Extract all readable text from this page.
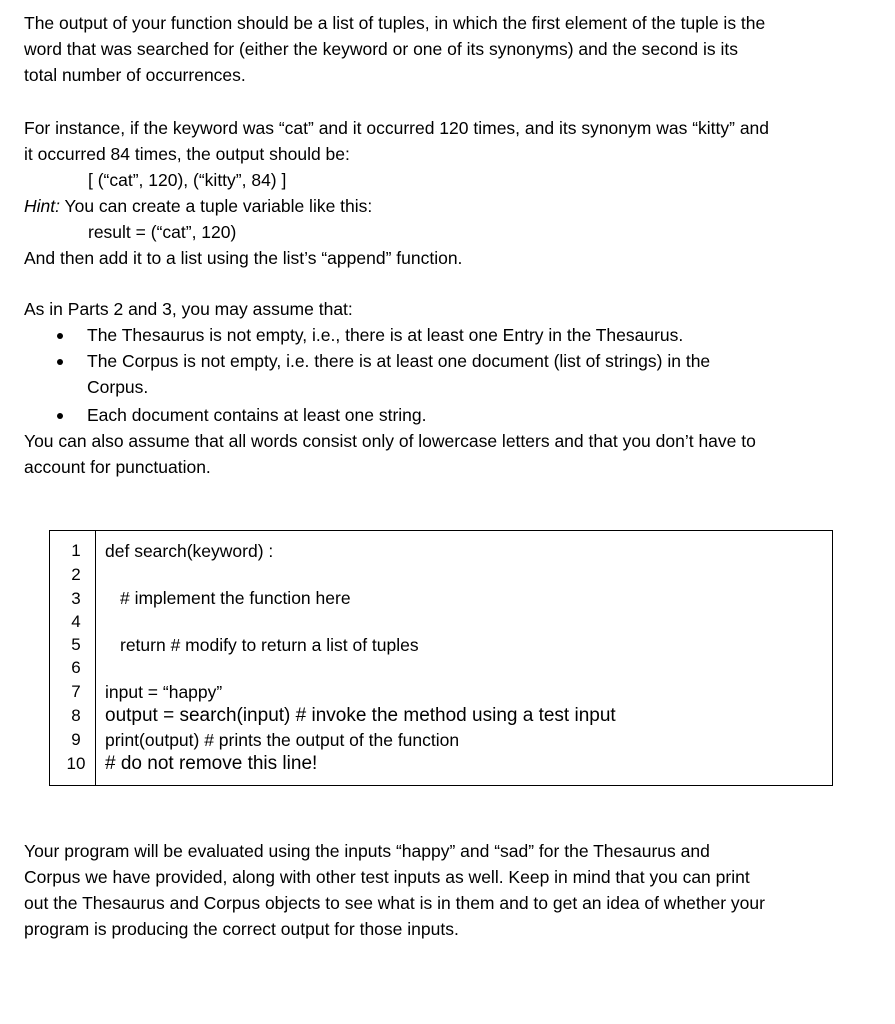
The output of your function should be a list of tuples, in which the first element of the tuple is the

word that was searched for (either the keyword or one of its synonyms) and the second is its

total number of occurrences.

For instance, if the keyword was “cat” and it occurred 120 times, and its synonym was “kitty” and

it occurred 84 times, the output should be:

[ (“cat”, 120), (“kitty”, 84) ]

Hint: You can create a tuple variable like this:

result = (“cat”, 120)

And then add it to a list using the list’s “append” function.

As in Parts 2 and 3, you may assume that:

The Thesaurus is not empty, i.e., there is at least one Entry in the Thesaurus.
The Corpus is not empty, i.e. there is at least one document (list of strings) in the Corpus.
Each document contains at least one string.

You can also assume that all words consist only of lowercase letters and that you don’t have to

account for punctuation.

1
2
3
4
5
6
7
8
9
10
def search(keyword) :
# implement the function here
return # modify to return a list of tuples
input = “happy”
output = search(input) # invoke the method using a test input
print(output) # prints the output of the function
# do not remove this line!

Your program will be evaluated using the inputs “happy” and “sad” for the Thesaurus and

Corpus we have provided, along with other test inputs as well. Keep in mind that you can print

out the Thesaurus and Corpus objects to see what is in them and to get an idea of whether your

program is producing the correct output for those inputs.
